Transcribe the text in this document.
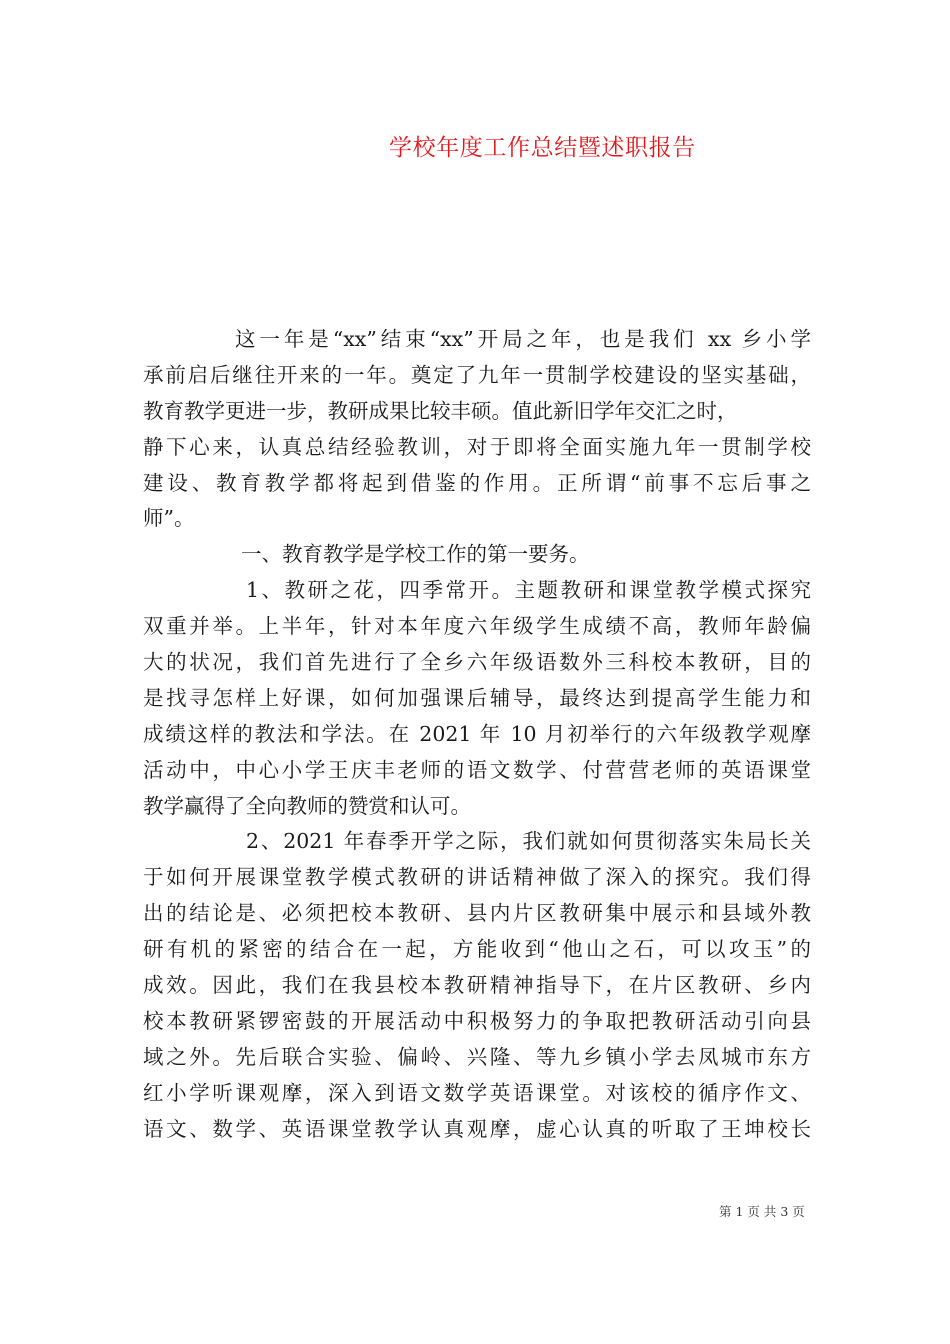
学校年度工作总结暨述职报告
这一年是“xx”结束“xx”开局之年，也是我们 xx 乡小学
承前启后继往开来的一年。奠定了九年一贯制学校建设的坚实基础，
教育教学更进一步，教研成果比较丰硕。值此新旧学年交汇之时，
静下心来，认真总结经验教训，对于即将全面实施九年一贯制学校
建设、教育教学都将起到借鉴的作用。正所谓“前事不忘后事之
师”。
一、教育教学是学校工作的第一要务。
1、教研之花，四季常开。主题教研和课堂教学模式探究
双重并举。上半年，针对本年度六年级学生成绩不高，教师年龄偏
大的状况，我们首先进行了全乡六年级语数外三科校本教研，目的
是找寻怎样上好课，如何加强课后辅导，最终达到提高学生能力和
成绩这样的教法和学法。在 2021 年 10 月初举行的六年级教学观摩
活动中，中心小学王庆丰老师的语文数学、付营营老师的英语课堂
教学赢得了全向教师的赞赏和认可。
2、2021 年春季开学之际，我们就如何贯彻落实朱局长关
于如何开展课堂教学模式教研的讲话精神做了深入的探究。我们得
出的结论是、必须把校本教研、县内片区教研集中展示和县域外教
研有机的紧密的结合在一起，方能收到“他山之石，可以攻玉”的
成效。因此，我们在我县校本教研精神指导下，在片区教研、乡内
校本教研紧锣密鼓的开展活动中积极努力的争取把教研活动引向县
域之外。先后联合实验、偏岭、兴隆、等九乡镇小学去凤城市东方
红小学听课观摩，深入到语文数学英语课堂。对该校的循序作文、
语文、数学、英语课堂教学认真观摩，虚心认真的听取了王坤校长
第 1 页 共 3 页
